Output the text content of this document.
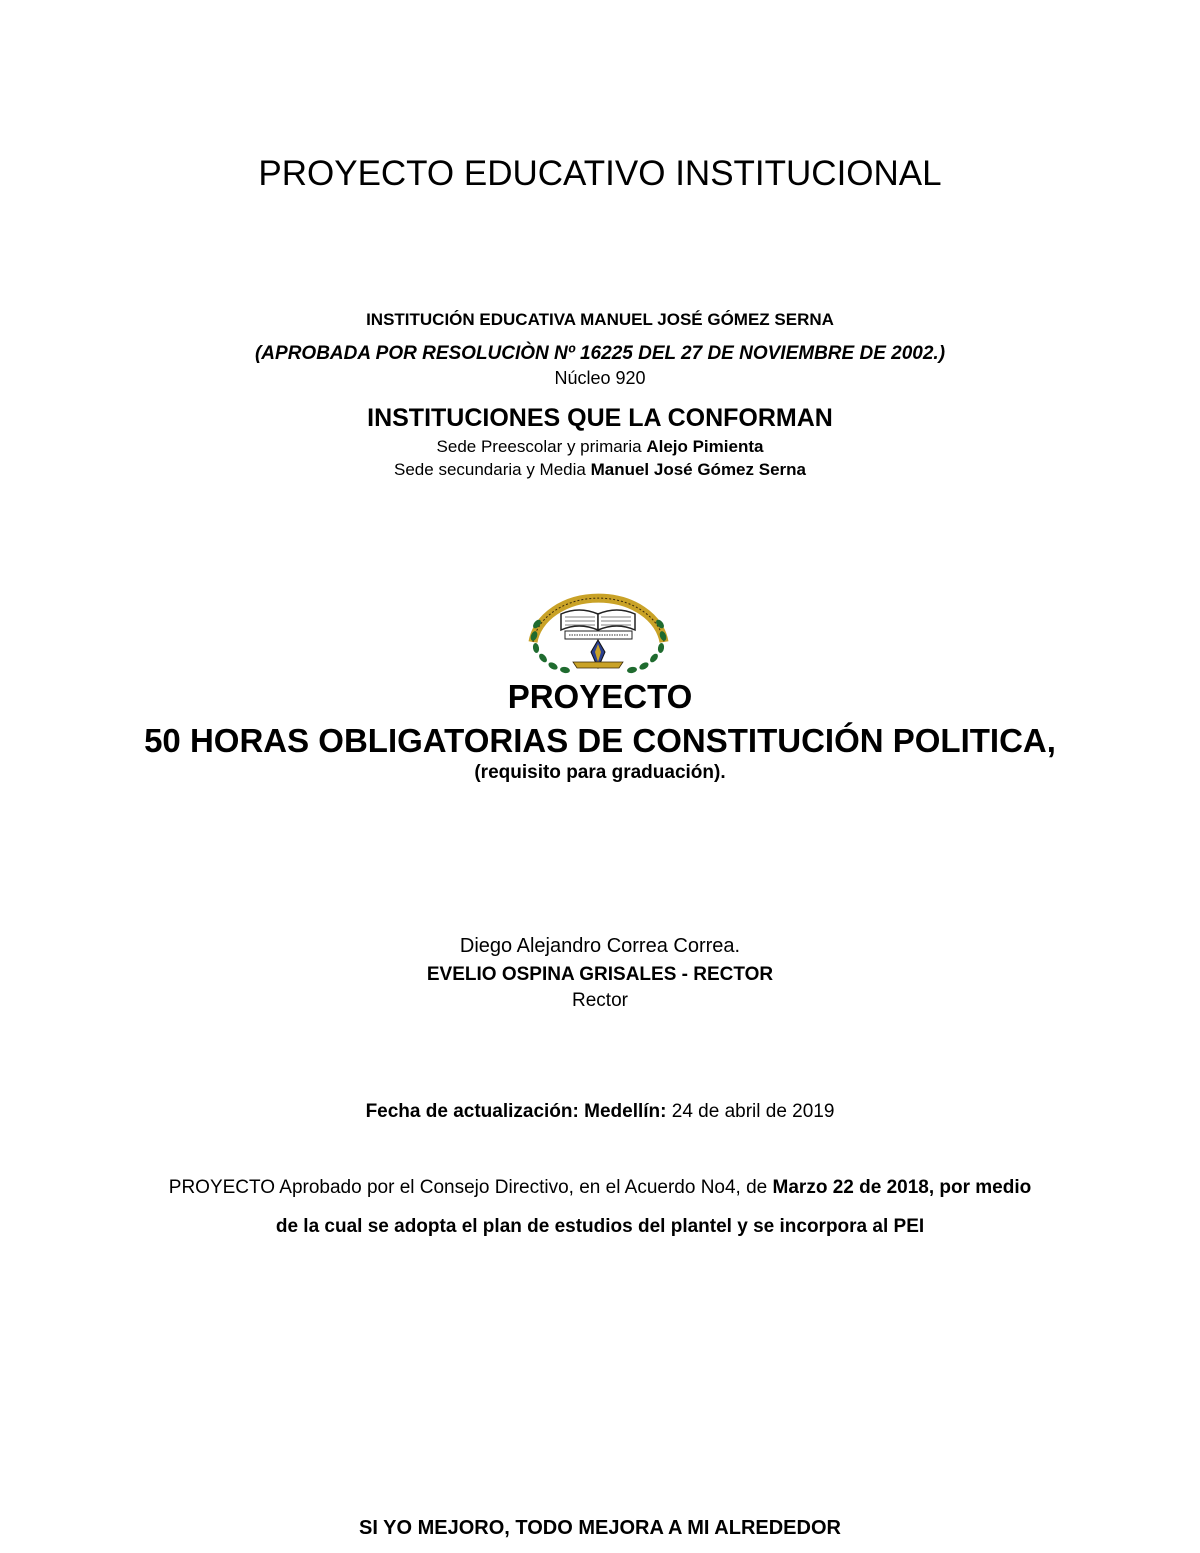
PROYECTO EDUCATIVO INSTITUCIONAL
INSTITUCIÓN EDUCATIVA MANUEL JOSÉ GÓMEZ SERNA
(APROBADA POR RESOLUCIÒN Nº 16225 DEL 27 DE NOVIEMBRE DE 2002.)
Núcleo 920
INSTITUCIONES QUE LA CONFORMAN
Sede Preescolar y primaria Alejo Pimienta
Sede secundaria y Media Manuel José Gómez Serna
PROYECTO
50 HORAS OBLIGATORIAS DE CONSTITUCIÓN POLITICA,
(requisito para graduación).
Diego Alejandro Correa Correa.
EVELIO OSPINA GRISALES - RECTOR
Rector
Fecha de actualización: Medellín: 24 de abril de 2019
PROYECTO Aprobado por el Consejo Directivo, en el Acuerdo No4, de Marzo 22 de 2018, por medio
de la cual se adopta el plan de estudios del plantel y se incorpora al PEI
SI YO MEJORO, TODO MEJORA A MI ALREDEDOR
